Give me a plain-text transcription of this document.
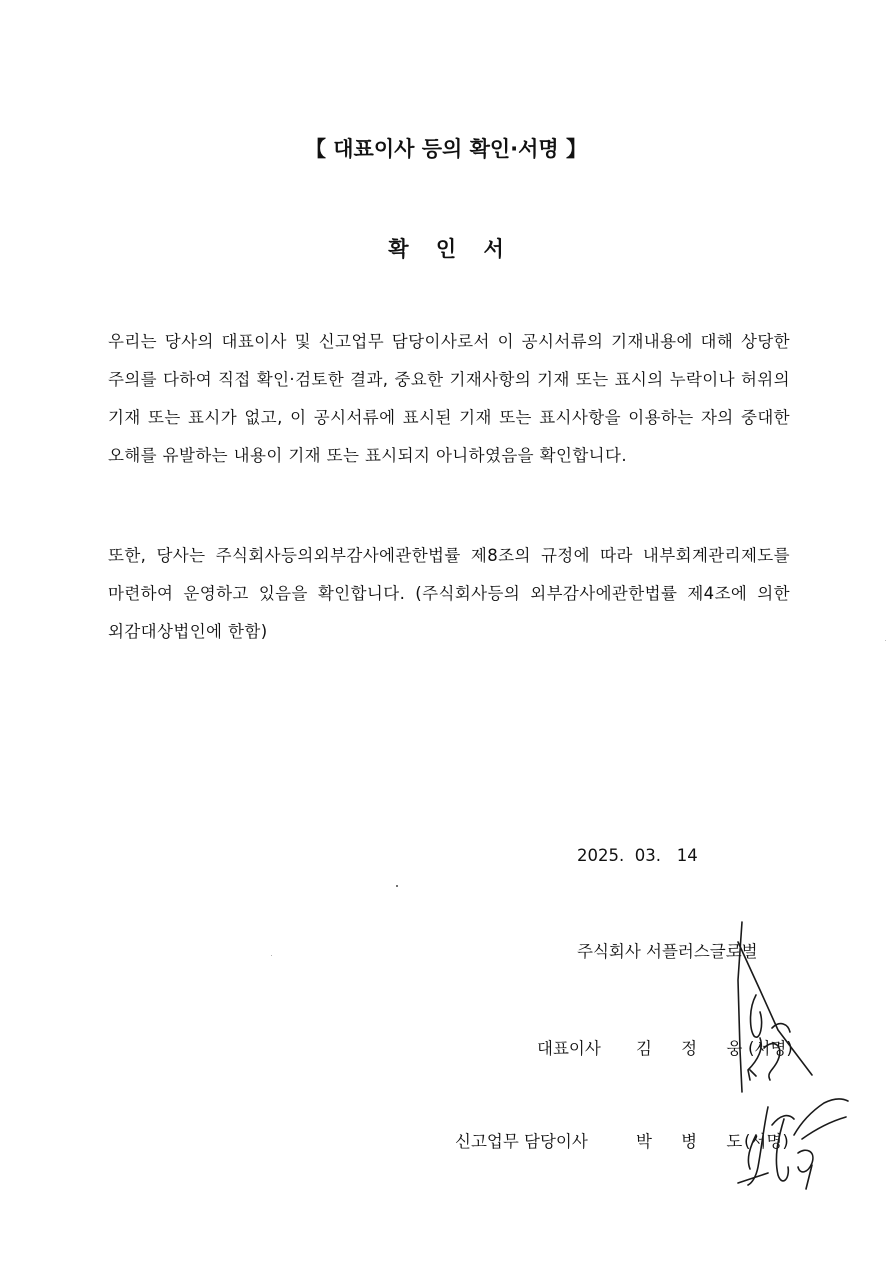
【 대표이사 등의 확인·서명 】
확 인 서
우리는 당사의 대표이사 및 신고업무 담당이사로서 이 공시서류의 기재내용에 대해 상당한 주의를 다하여 직접 확인·검토한 결과, 중요한 기재사항의 기재 또는 표시의 누락이나 허위의 기재 또는 표시가 없고, 이 공시서류에 표시된 기재 또는 표시사항을 이용하는 자의 중대한 오해를 유발하는 내용이 기재 또는 표시되지 아니하였음을 확인합니다.
또한, 당사는 주식회사등의외부감사에관한법률 제8조의 규정에 따라 내부회계관리제도를 마련하여 운영하고 있음을 확인합니다. (주식회사등의 외부감사에관한법률 제4조에 의한 외감대상법인에 한함)
2025.  03.   14
주식회사 서플러스글로벌
대표이사 김 정 웅(서명)
신고업무 담당이사	박 병 도(서명)
